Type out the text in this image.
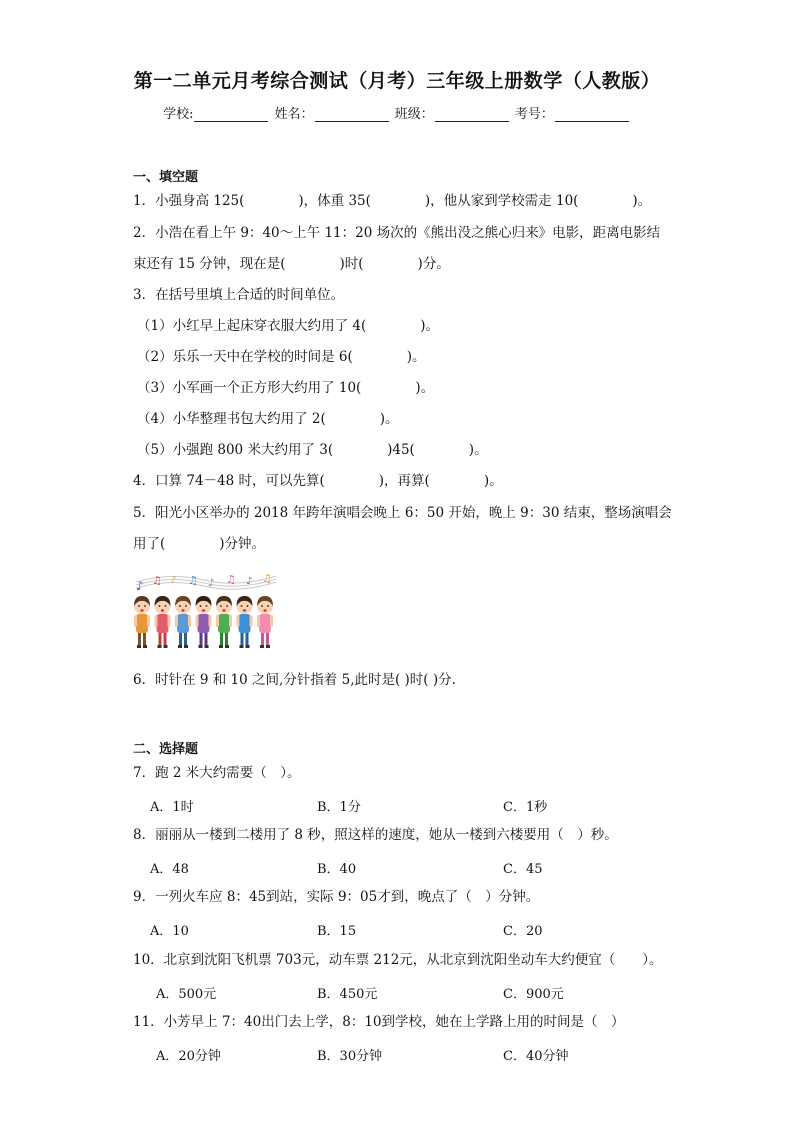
第一二单元月考综合测试（月考）三年级上册数学（人教版）
学校:	姓名：	班级：	考号：
一、填空题
1．小强身高 125(　　　　)，体重 35(　　　　)，他从家到学校需走 10(　　　　)。
2．小浩在看上午 9：40～上午 11：20 场次的《熊出没之熊心归来》电影，距离电影结
束还有 15 分钟，现在是(　　　　)时(　　　　)分。
3．在括号里填上合适的时间单位。
（1）小红早上起床穿衣服大约用了 4(　　　　)。
（2）乐乐一天中在学校的时间是 6(　　　　)。
（3）小军画一个正方形大约用了 10(　　　　)。
（4）小华整理书包大约用了 2(　　　　)。
（5）小强跑 800 米大约用了 3(　　　　)45(　　　　)。
4．口算 74－48 时，可以先算(　　　　)，再算(　　　　)。
5．阳光小区举办的 2018 年跨年演唱会晚上 6：50 开始，晚上 9：30 结束，整场演唱会
用了(　　　　)分钟。
♪ ♫ ♪ ♫ ♪ ♫ ♪ ♫
6．时针在 9 和 10 之间,分针指着 5,此时是( )时( )分.
二、选择题
7．跑 2 米大约需要（　）。
A．1时	B．1分	C．1秒
8．丽丽从一楼到二楼用了 8 秒，照这样的速度，她从一楼到六楼要用（　）秒。
A．48	B．40	C．45
9．一列火车应 8：45到站，实际 9：05才到，晚点了（　）分钟。
A．10	B．15	C．20
10．北京到沈阳飞机票 703元，动车票 212元，从北京到沈阳坐动车大约便宜（　　）。
A．500元	B．450元	C．900元
11．小芳早上 7：40出门去上学，8：10到学校，她在上学路上用的时间是（　）
A．20分钟	B．30分钟	C．40分钟
